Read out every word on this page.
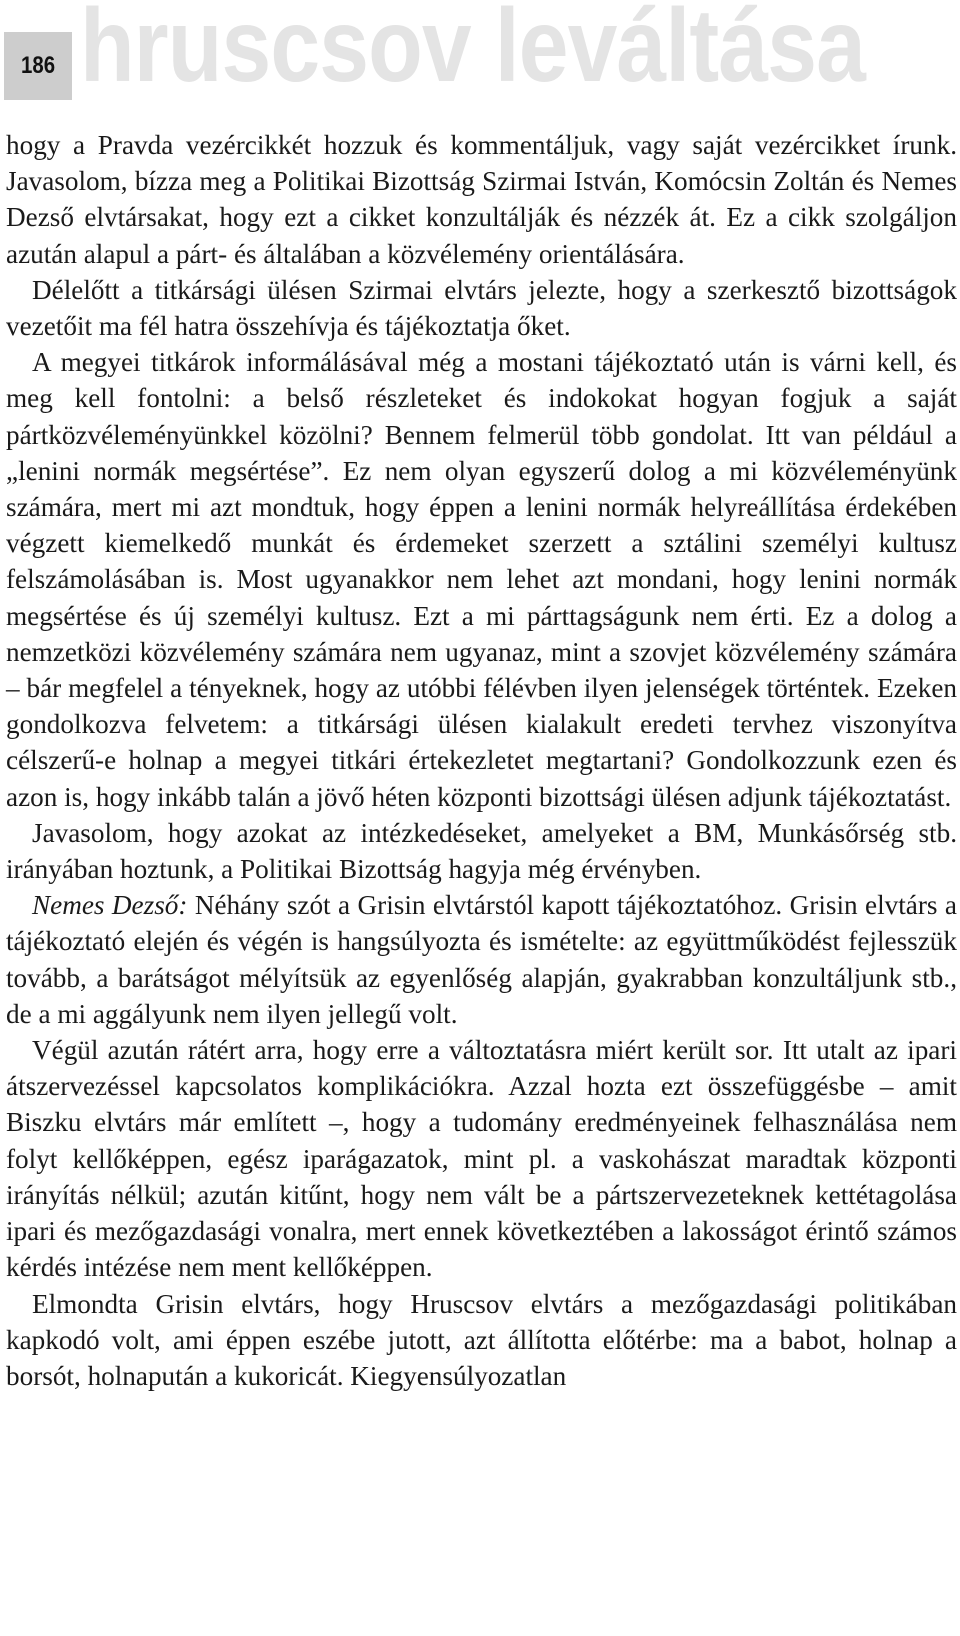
186 hruscsov leváltása

hogy a Pravda vezércikkét hozzuk és kommentáljuk, vagy saját vezércikket írunk. Javasolom, bízza meg a Politikai Bizottság Szirmai István, Komócsin Zoltán és Nemes Dezső elvtársakat, hogy ezt a cikket konzultálják és nézzék át. Ez a cikk szolgáljon azután alapul a párt- és általában a közvélemény orientálására.

Délelőtt a titkársági ülésen Szirmai elvtárs jelezte, hogy a szerkesztő bizottságok vezetőit ma fél hatra összehívja és tájékoztatja őket.

A megyei titkárok informálásával még a mostani tájékoztató után is várni kell, és meg kell fontolni: a belső részleteket és indokokat hogyan fogjuk a saját pártközvéleményünkkel közölni? Bennem felmerül több gondolat. Itt van például a „lenini normák megsértése”. Ez nem olyan egyszerű dolog a mi közvéleményünk számára, mert mi azt mondtuk, hogy éppen a lenini normák helyreállítása érdekében végzett kiemelkedő munkát és érdemeket szerzett a sztálini személyi kultusz felszámolásában is. Most ugyanakkor nem lehet azt mondani, hogy lenini normák megsértése és új személyi kultusz. Ezt a mi párttagságunk nem érti. Ez a dolog a nemzetközi közvélemény számára nem ugyanaz, mint a szovjet közvélemény számára – bár megfelel a tényeknek, hogy az utóbbi félévben ilyen jelenségek történtek. Ezeken gondolkozva felvetem: a titkársági ülésen kialakult eredeti tervhez viszonyítva célszerű-e holnap a megyei titkári értekezletet megtartani? Gondolkozzunk ezen és azon is, hogy inkább talán a jövő héten központi bizottsági ülésen adjunk tájékoztatást.

Javasolom, hogy azokat az intézkedéseket, amelyeket a BM, Munkásőrség stb. irányában hoztunk, a Politikai Bizottság hagyja még érvényben.

Nemes Dezső: Néhány szót a Grisin elvtárstól kapott tájékoztatóhoz. Grisin elvtárs a tájékoztató elején és végén is hangsúlyozta és ismételte: az együttműködést fejlesszük tovább, a barátságot mélyítsük az egyenlőség alapján, gyakrabban konzultáljunk stb., de a mi aggályunk nem ilyen jellegű volt.

Végül azután rátért arra, hogy erre a változtatásra miért került sor. Itt utalt az ipari átszervezéssel kapcsolatos komplikációkra. Azzal hozta ezt összefüggésbe – amit Biszku elvtárs már említett –, hogy a tudomány eredményeinek felhasználása nem folyt kellőképpen, egész iparágazatok, mint pl. a vaskohászat maradtak központi irányítás nélkül; azután kitűnt, hogy nem vált be a pártszervezeteknek kettétagolása ipari és mezőgazdasági vonalra, mert ennek következtében a lakosságot érintő számos kérdés intézése nem ment kellőképpen.

Elmondta Grisin elvtárs, hogy Hruscsov elvtárs a mezőgazdasági politikában kapkodó volt, ami éppen eszébe jutott, azt állította előtérbe: ma a babot, holnap a borsót, holnapután a kukoricát. Kiegyensúlyozatlan
